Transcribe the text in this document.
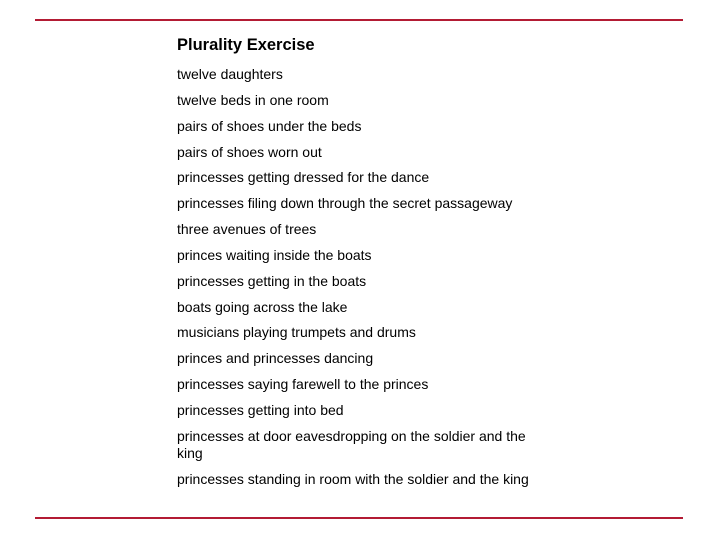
Plurality Exercise
twelve daughters
twelve beds in one room
pairs of shoes under the beds
pairs of shoes worn out
princesses getting dressed for the dance
princesses filing down through the secret passageway
three avenues of trees
princes waiting inside the boats
princesses getting in the boats
boats going across the lake
musicians playing trumpets and drums
princes and princesses dancing
princesses saying farewell to the princes
princesses getting into bed
princesses at door eavesdropping on the soldier and the king
princesses standing in room with the soldier and the king
